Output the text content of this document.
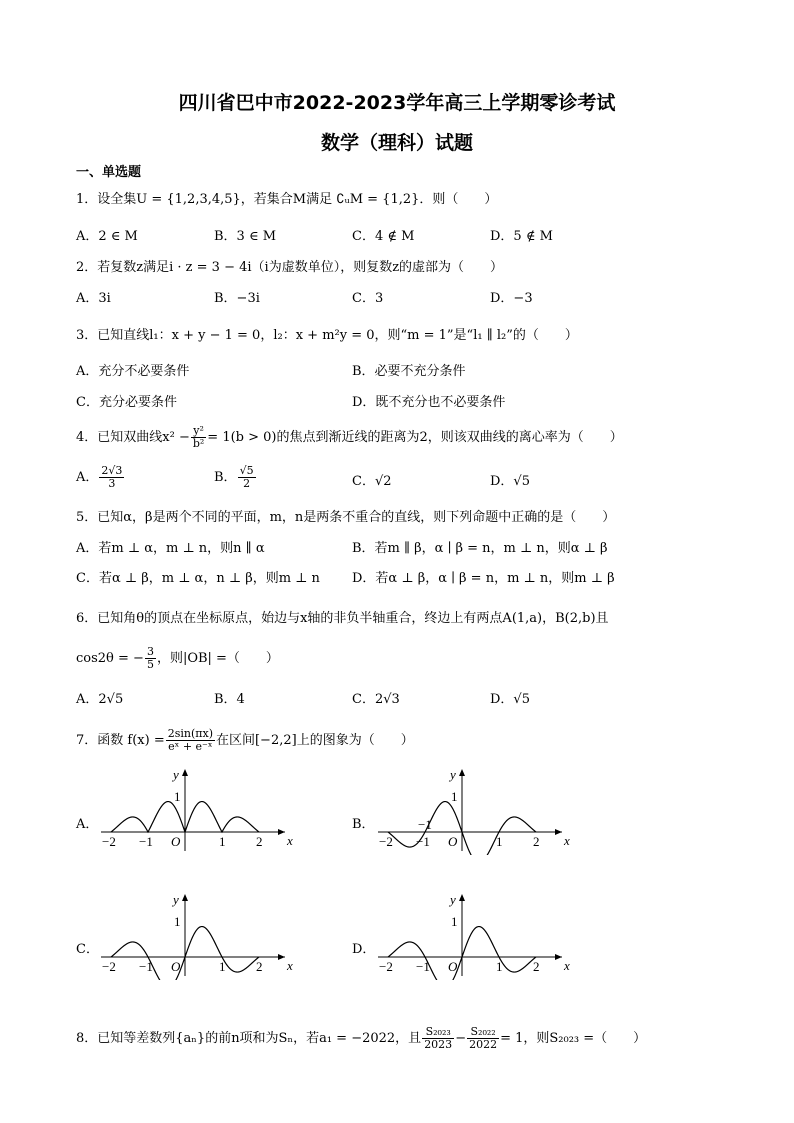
四川省巴中市2022-2023学年高三上学期零诊考试
数学（理科）试题
一、单选题
1．设全集U = {1,2,3,4,5}，若集合M满足 ∁ᵤM = {1,2}．则（　　）
A．2 ∈ M	B．3 ∈ M	C．4 ∉ M	D．5 ∉ M
2．若复数z满足i · z = 3 − 4i（i为虚数单位），则复数z的虚部为（　　）
A．3i	B．−3i	C．3	D．−3
3．已知直线l₁：x + y − 1 = 0，l₂：x + m²y = 0，则“m = 1”是“l₁ ∥ l₂”的（　　）
A．充分不必要条件	B．必要不充分条件
C．充分必要条件	D．既不充分也不必要条件
4．已知双曲线$x^2 - \frac{\text{y²}}{\text{b²}} = 1(b > 0)$的焦点到渐近线的距离为2，则该双曲线的离心率为（　　）
A． $\frac{2√3}{3}$	B． $\frac{√5}{2}$	C．√2	D．√5
5．已知α，β是两个不同的平面，m，n是两条不重合的直线，则下列命题中正确的是（　　）
A．若m ⊥ α，m ⊥ n，则n ∥ α	B．若m ∥ β，α ∣ β = n，m ⊥ n，则α ⊥ β
C．若α ⊥ β，m ⊥ α，n ⊥ β，则m ⊥ n D．若α ⊥ β，α ∣ β = n，m ⊥ n，则m ⊥ β
6．已知角θ的顶点在坐标原点，始边与x轴的非负半轴重合，终边上有两点A(1,a)，B(2,b)且
cos2θ = − $\frac{3}{5}$ ，则|OB| =（　　）
A．2√5	B．4	C．2√3	D．√5
7．函数 $f(x) = \frac{2\sin(\pi x)}{\text{eˣ + e⁻ˣ}}$ 在区间[−2,2]上的图象为（　　）
A．	B．
C．	D．
y
1
x
O
−2 −1	1 2
y
1
x
O
−2 −1	1 2
−1
y
1
x
O
−2 −1	1 2
y
1
x
O
−2 −1	1 2
8．已知等差数列{aₙ}的前n项和为Sₙ，若a₁ = −2022，且 $\frac{\text{S₂₀₂₃}}{2023} - \frac{\text{S₂₀₂₂}}{2022} = 1$，则S₂₀₂₃ =（　　）
